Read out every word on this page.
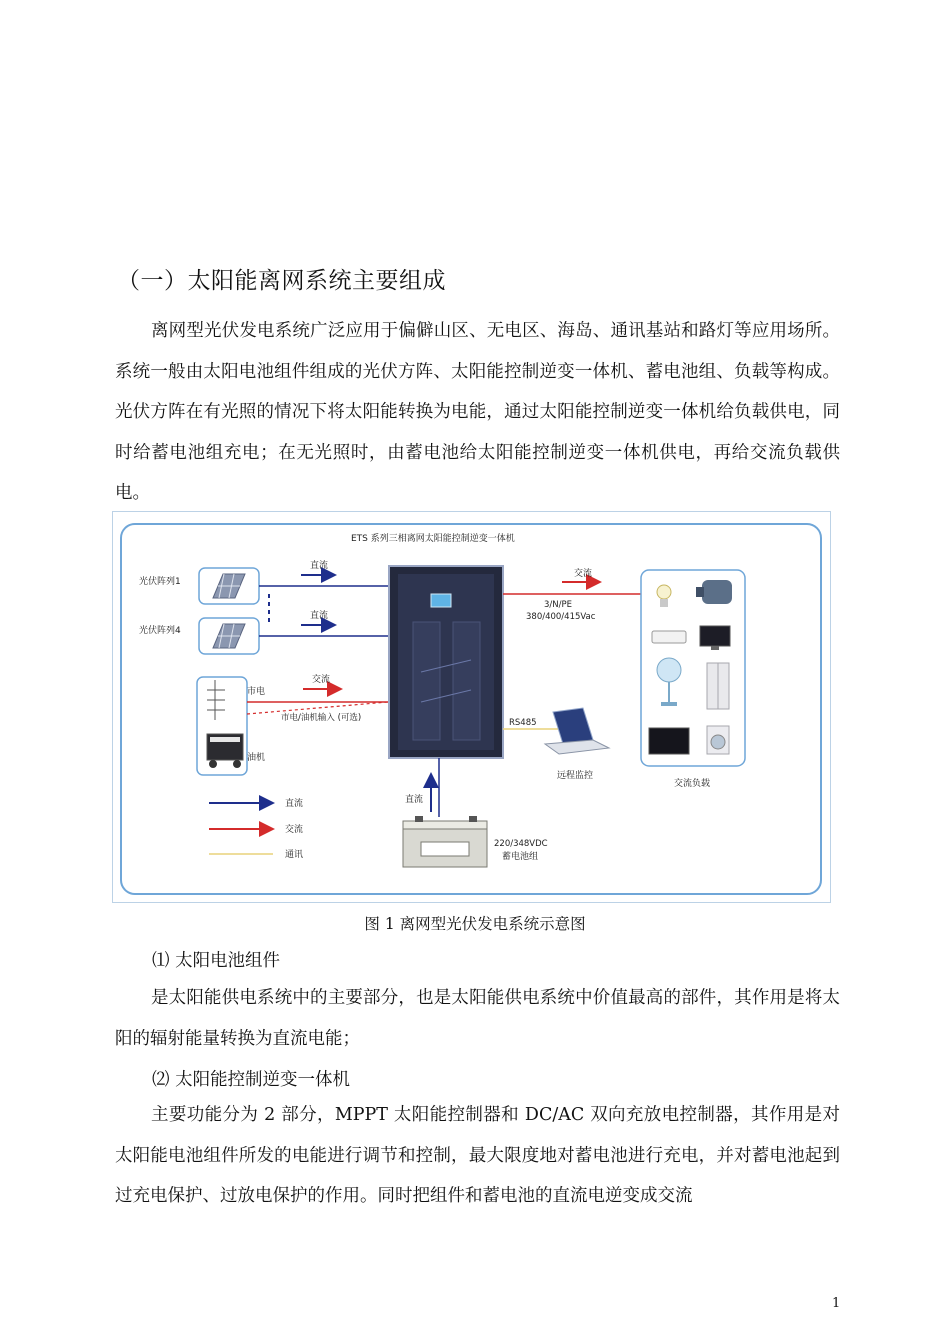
（一）太阳能离网系统主要组成

离网型光伏发电系统广泛应用于偏僻山区、无电区、海岛、通讯基站和路灯等应用场所。系统一般由太阳电池组件组成的光伏方阵、太阳能控制逆变一体机、蓄电池组、负载等构成。光伏方阵在有光照的情况下将太阳能转换为电能，通过太阳能控制逆变一体机给负载供电，同时给蓄电池组充电；在无光照时，由蓄电池给太阳能控制逆变一体机供电，再给交流负载供电。

ETS 系列三相离网太阳能控制逆变一体机
光伏阵列1
光伏阵列4
直流
直流
交流
3/N/PE
380/400/415Vac
交流负载
市电
油机
交流
市电/油机输入 (可选)	RS485
远程监控
直流
220/348VDC
蓄电池组
直流
交流
通讯
图 1 离网型光伏发电系统示意图
⑴ 太阳电池组件

是太阳能供电系统中的主要部分，也是太阳能供电系统中价值最高的部件，其作用是将太阳的辐射能量转换为直流电能；

⑵ 太阳能控制逆变一体机

主要功能分为 2 部分，MPPT 太阳能控制器和 DC/AC 双向充放电控制器，其作用是对太阳能电池组件所发的电能进行调节和控制，最大限度地对蓄电池进行充电，并对蓄电池起到过充电保护、过放电保护的作用。同时把组件和蓄电池的直流电逆变成交流

1
